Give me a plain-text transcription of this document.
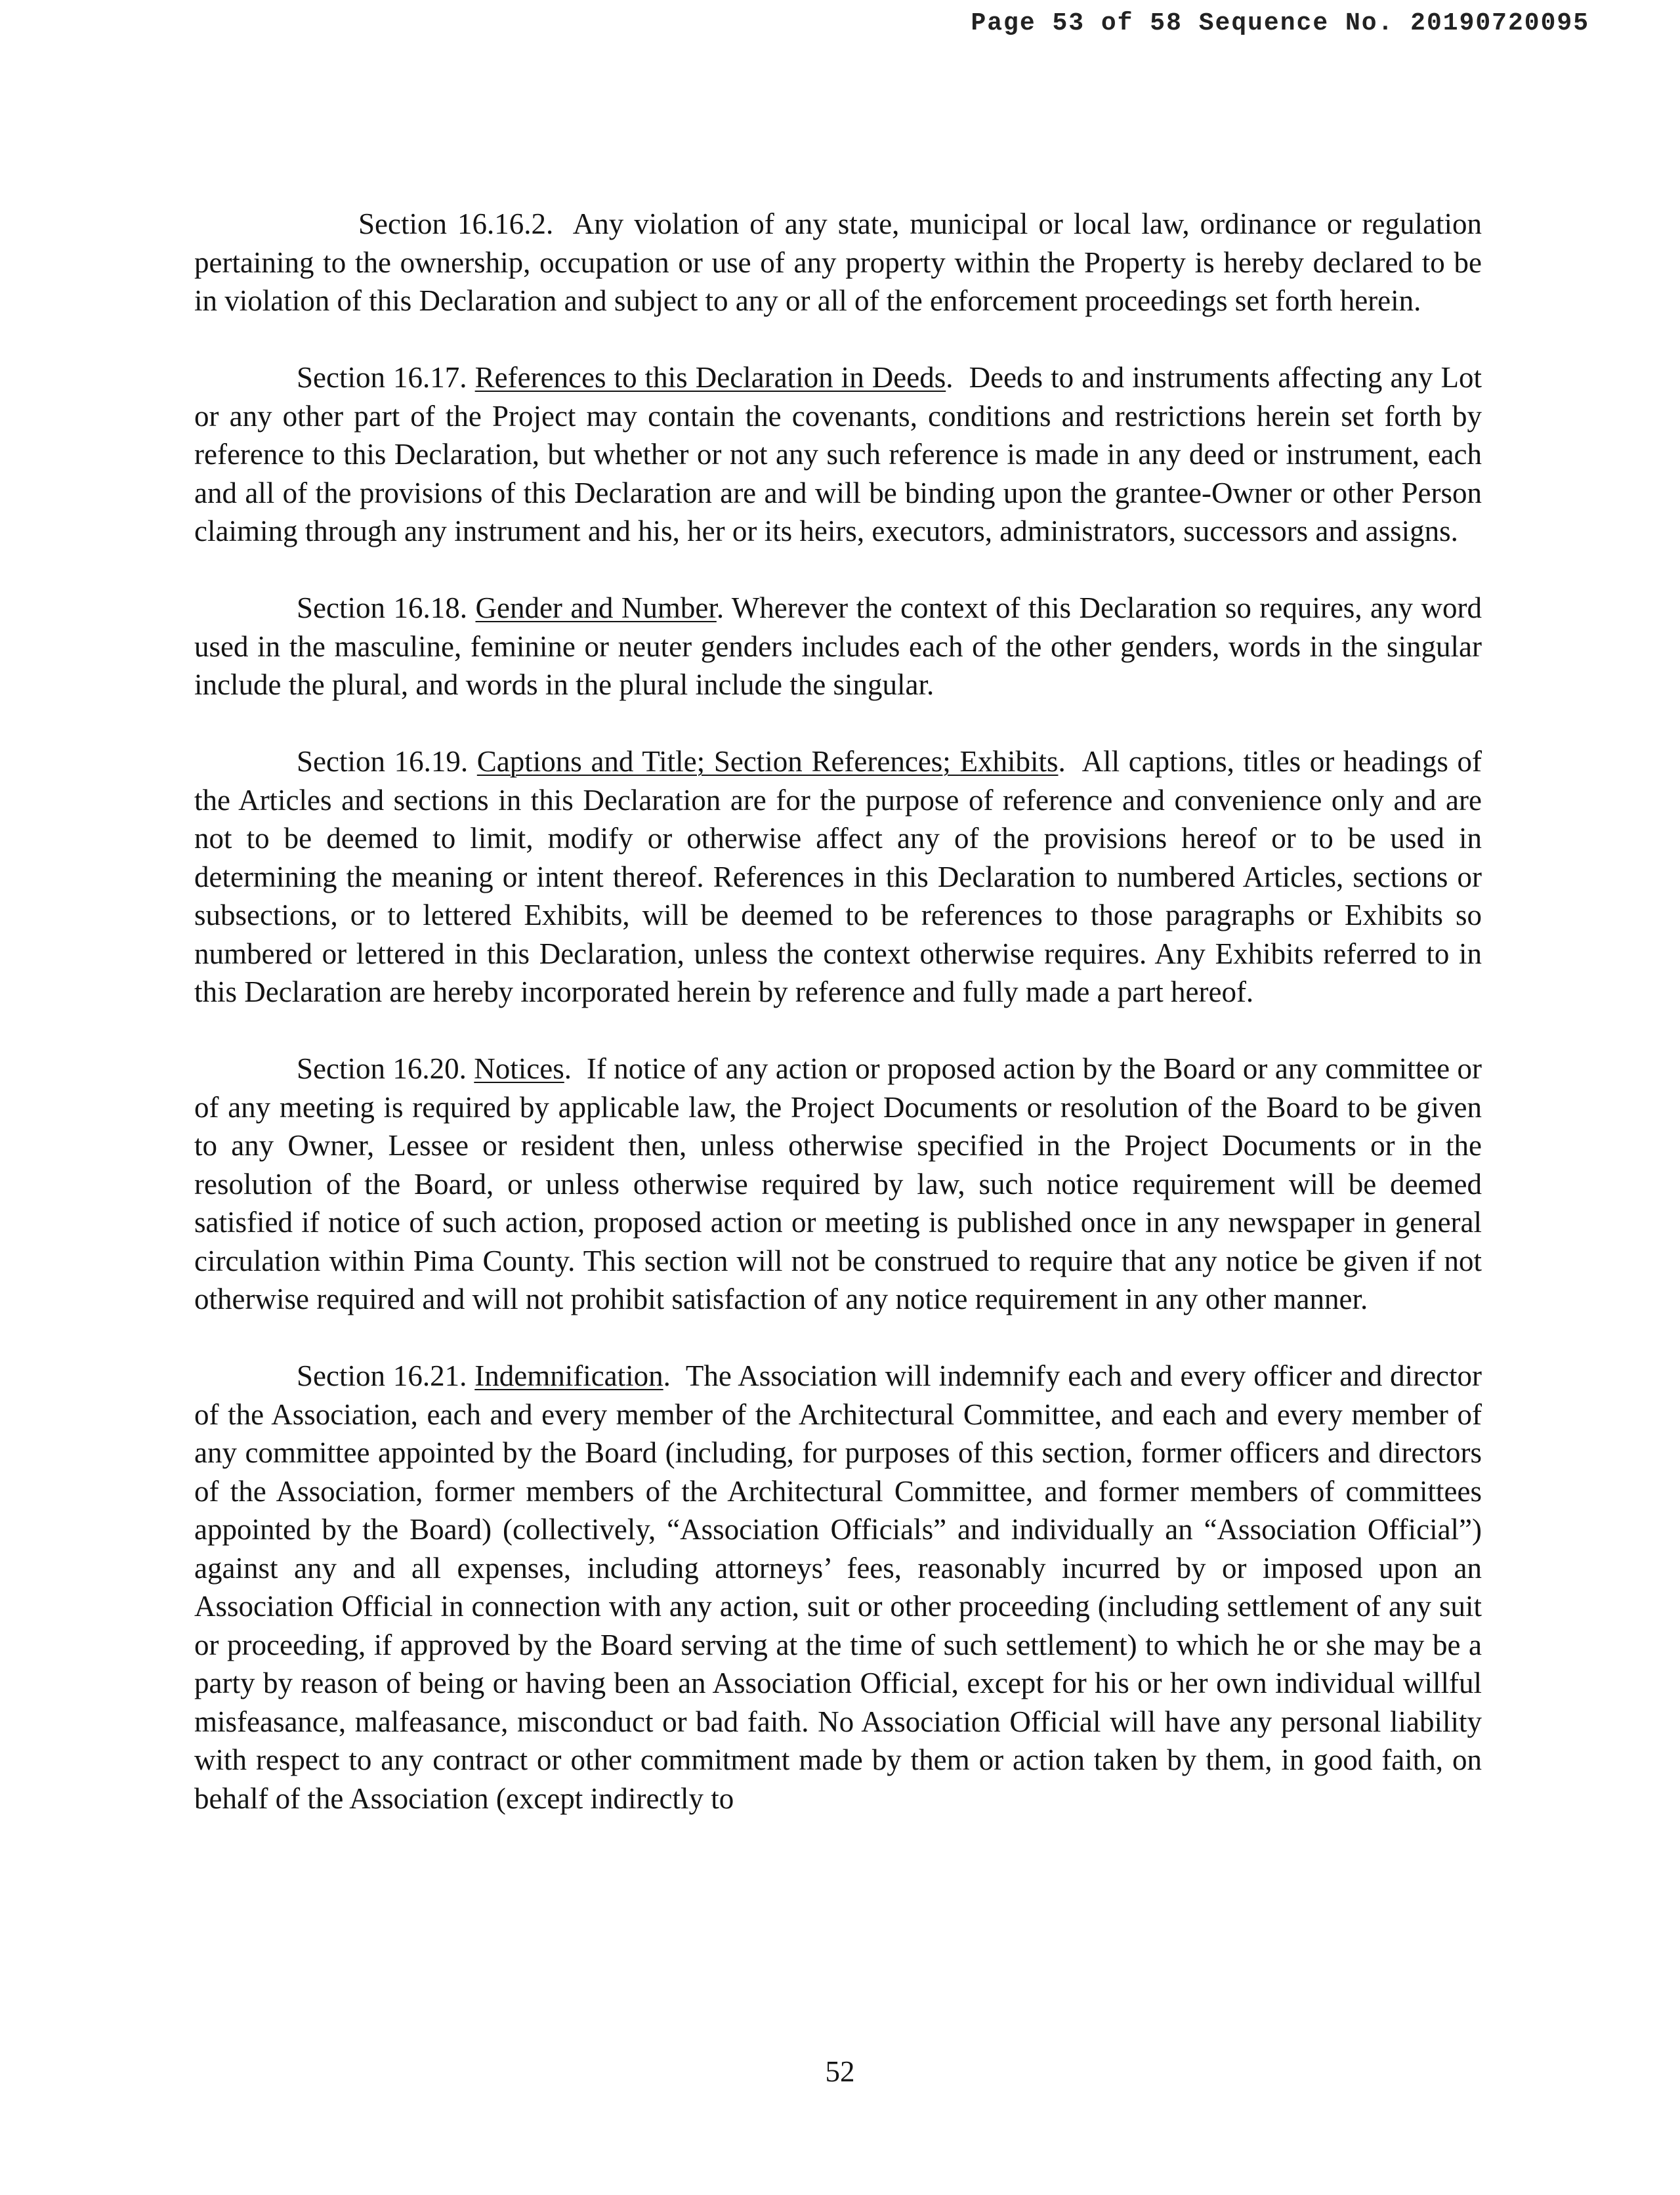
Page 53 of 58 Sequence No. 20190720095

Section 16.16.2. Any violation of any state, municipal or local law, ordinance or regulation pertaining to the ownership, occupation or use of any property within the Property is hereby declared to be in violation of this Declaration and subject to any or all of the enforcement proceedings set forth herein.

Section 16.17. References to this Declaration in Deeds. Deeds to and instruments affecting any Lot or any other part of the Project may contain the covenants, conditions and restrictions herein set forth by reference to this Declaration, but whether or not any such reference is made in any deed or instrument, each and all of the provisions of this Declaration are and will be binding upon the grantee-Owner or other Person claiming through any instrument and his, her or its heirs, executors, administrators, successors and assigns.

Section 16.18. Gender and Number. Wherever the context of this Declaration so requires, any word used in the masculine, feminine or neuter genders includes each of the other genders, words in the singular include the plural, and words in the plural include the singular.

Section 16.19. Captions and Title; Section References; Exhibits. All captions, titles or headings of the Articles and sections in this Declaration are for the purpose of reference and convenience only and are not to be deemed to limit, modify or otherwise affect any of the provisions hereof or to be used in determining the meaning or intent thereof. References in this Declaration to numbered Articles, sections or subsections, or to lettered Exhibits, will be deemed to be references to those paragraphs or Exhibits so numbered or lettered in this Declaration, unless the context otherwise requires. Any Exhibits referred to in this Declaration are hereby incorporated herein by reference and fully made a part hereof.

Section 16.20. Notices. If notice of any action or proposed action by the Board or any committee or of any meeting is required by applicable law, the Project Documents or resolution of the Board to be given to any Owner, Lessee or resident then, unless otherwise specified in the Project Documents or in the resolution of the Board, or unless otherwise required by law, such notice requirement will be deemed satisfied if notice of such action, proposed action or meeting is published once in any newspaper in general circulation within Pima County. This section will not be construed to require that any notice be given if not otherwise required and will not prohibit satisfaction of any notice requirement in any other manner.

Section 16.21. Indemnification. The Association will indemnify each and every officer and director of the Association, each and every member of the Architectural Committee, and each and every member of any committee appointed by the Board (including, for purposes of this section, former officers and directors of the Association, former members of the Architectural Committee, and former members of committees appointed by the Board) (collectively, “Association Officials” and individually an “Association Official”) against any and all expenses, including attorneys’ fees, reasonably incurred by or imposed upon an Association Official in connection with any action, suit or other proceeding (including settlement of any suit or proceeding, if approved by the Board serving at the time of such settlement) to which he or she may be a party by reason of being or having been an Association Official, except for his or her own individual willful misfeasance, malfeasance, misconduct or bad faith. No Association Official will have any personal liability with respect to any contract or other commitment made by them or action taken by them, in good faith, on behalf of the Association (except indirectly to

52
